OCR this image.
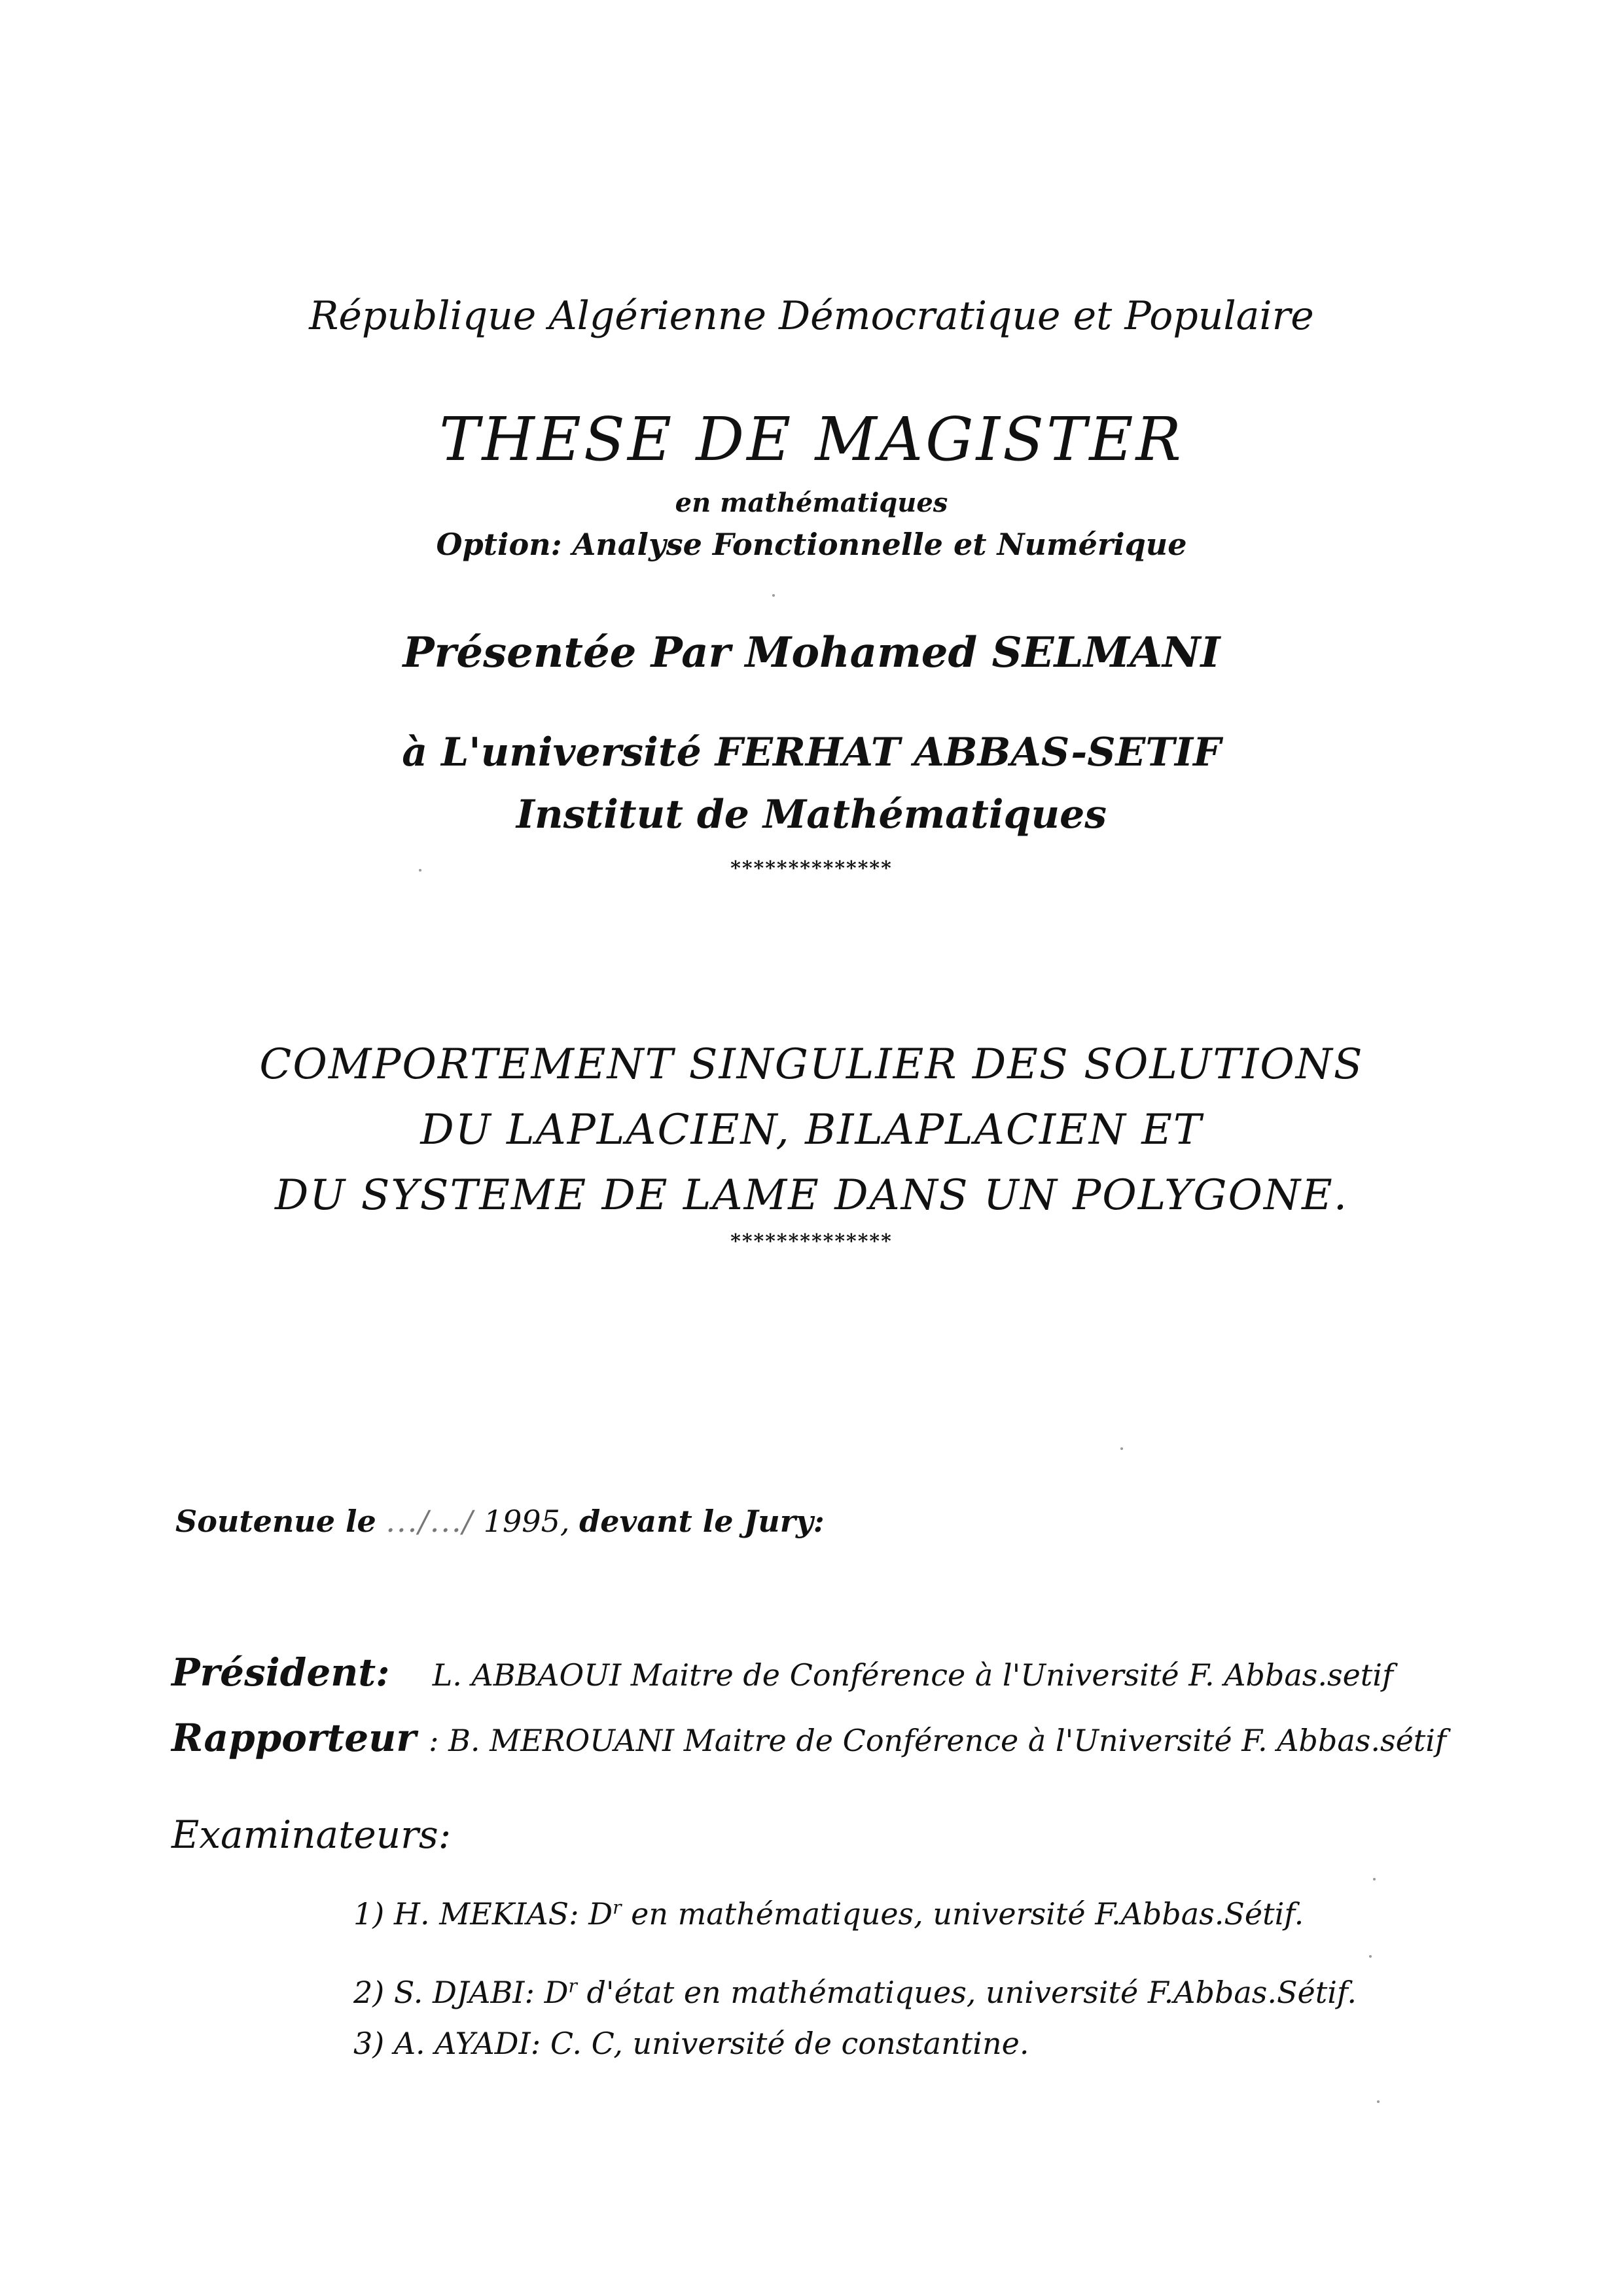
République Algérienne Démocratique et Populaire
THESE DE MAGISTER
en mathématiques
Option: Analyse Fonctionnelle et Numérique
Présentée Par Mohamed SELMANI
à L'université FERHAT ABBAS-SETIF
Institut de Mathématiques
**************
COMPORTEMENT SINGULIER DES SOLUTIONS
DU LAPLACIEN, BILAPLACIEN ET
DU SYSTEME DE LAME DANS UN POLYGONE.
**************
Soutenue le .../.../ 1995, devant le Jury:
Président: L. ABBAOUI Maitre de Conférence à l'Université F. Abbas.setif
Rapporteur : B. MEROUANI Maitre de Conférence à l'Université F. Abbas.sétif
Examinateurs:
1) H. MEKIAS: $D^r$ en mathématiques, université F.Abbas.Sétif.
2) S. DJABI: $D^r$ d'état en mathématiques, université F.Abbas.Sétif.
3) A. AYADI: C. C, université de constantine.
